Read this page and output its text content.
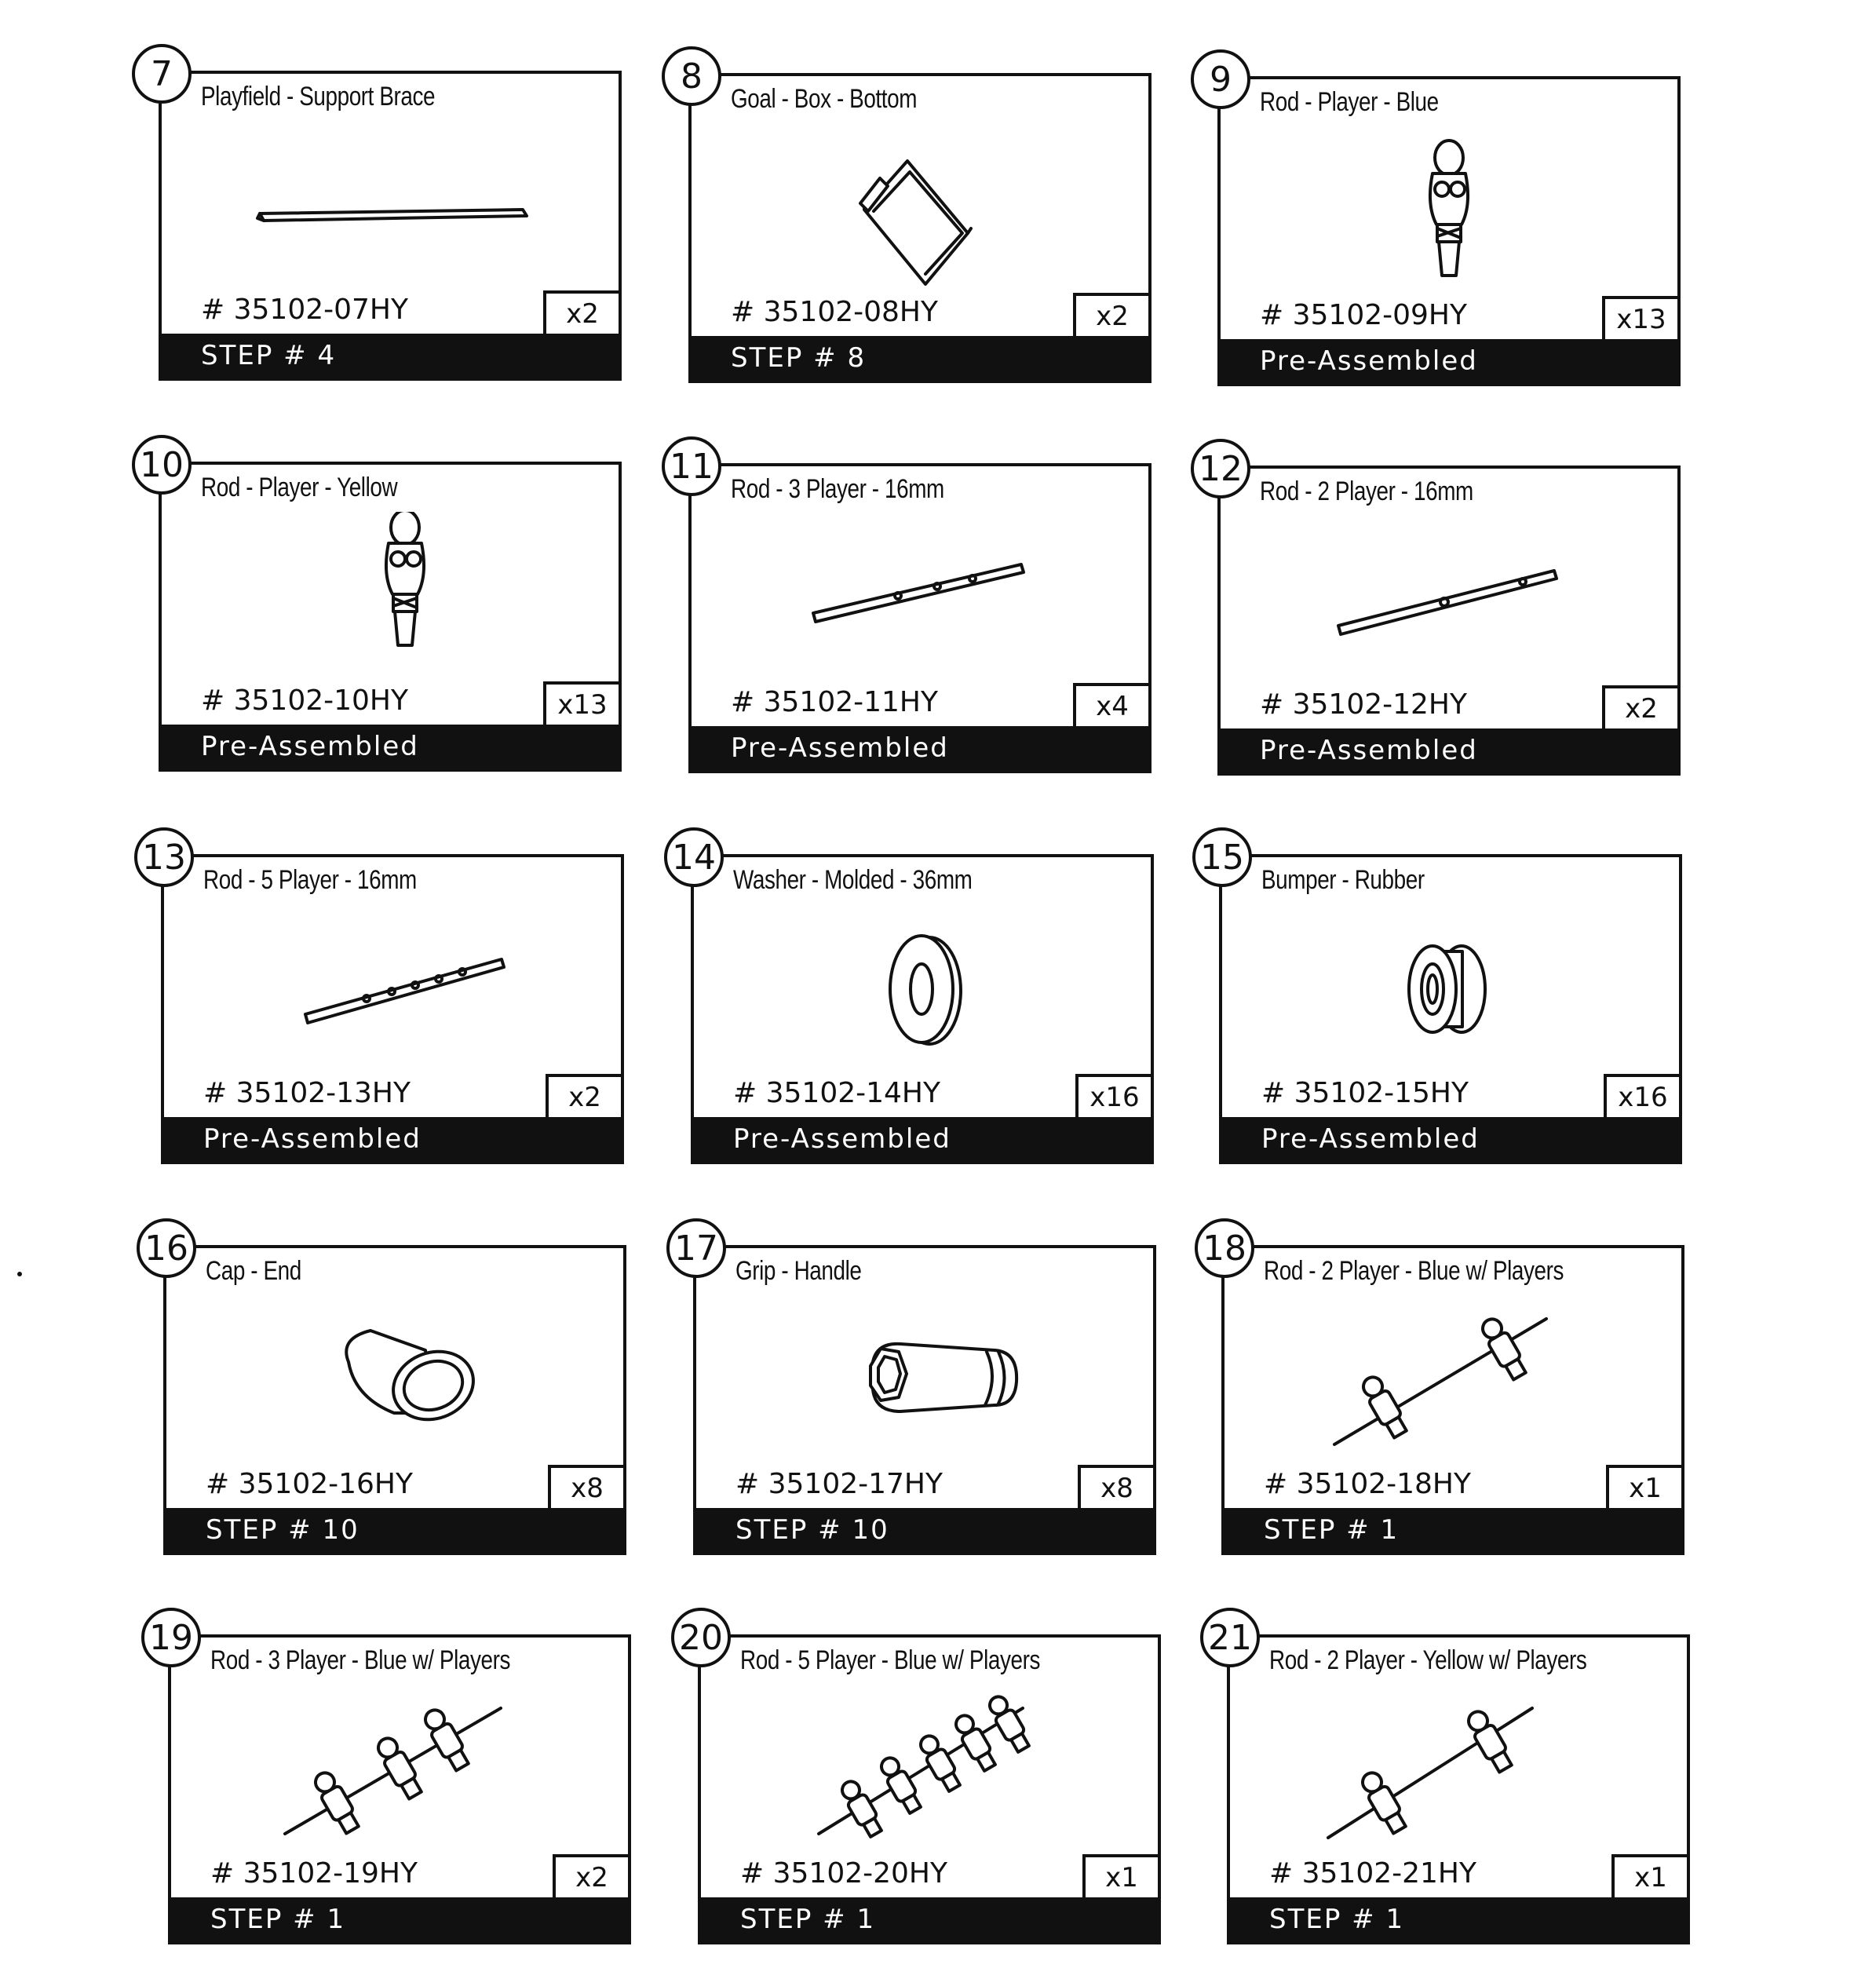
7
Playfield - Support Brace
# 35102-07HY	x2
STEP # 4
8
Goal - Box - Bottom
# 35102-08HY	x2
STEP # 8
9
Rod - Player - Blue
# 35102-09HY	x13
Pre-Assembled
10
Rod - Player - Yellow
# 35102-10HY	x13
Pre-Assembled
11
Rod - 3 Player - 16mm
# 35102-11HY	x4
Pre-Assembled
12
Rod - 2 Player - 16mm
# 35102-12HY	x2
Pre-Assembled
13
Rod - 5 Player - 16mm
# 35102-13HY	x2
Pre-Assembled
14
Washer - Molded - 36mm
# 35102-14HY	x16
Pre-Assembled
15
Bumper - Rubber
# 35102-15HY	x16
Pre-Assembled
16
Cap - End
# 35102-16HY	x8
STEP # 10
17
Grip - Handle
# 35102-17HY	x8
STEP # 10
18
Rod - 2 Player - Blue w/ Players
# 35102-18HY	x1
STEP # 1
19
Rod - 3 Player - Blue w/ Players
# 35102-19HY	x2
STEP # 1
20
Rod - 5 Player - Blue w/ Players
# 35102-20HY	x1
STEP # 1
21
Rod - 2 Player - Yellow w/ Players
# 35102-21HY	x1
STEP # 1
